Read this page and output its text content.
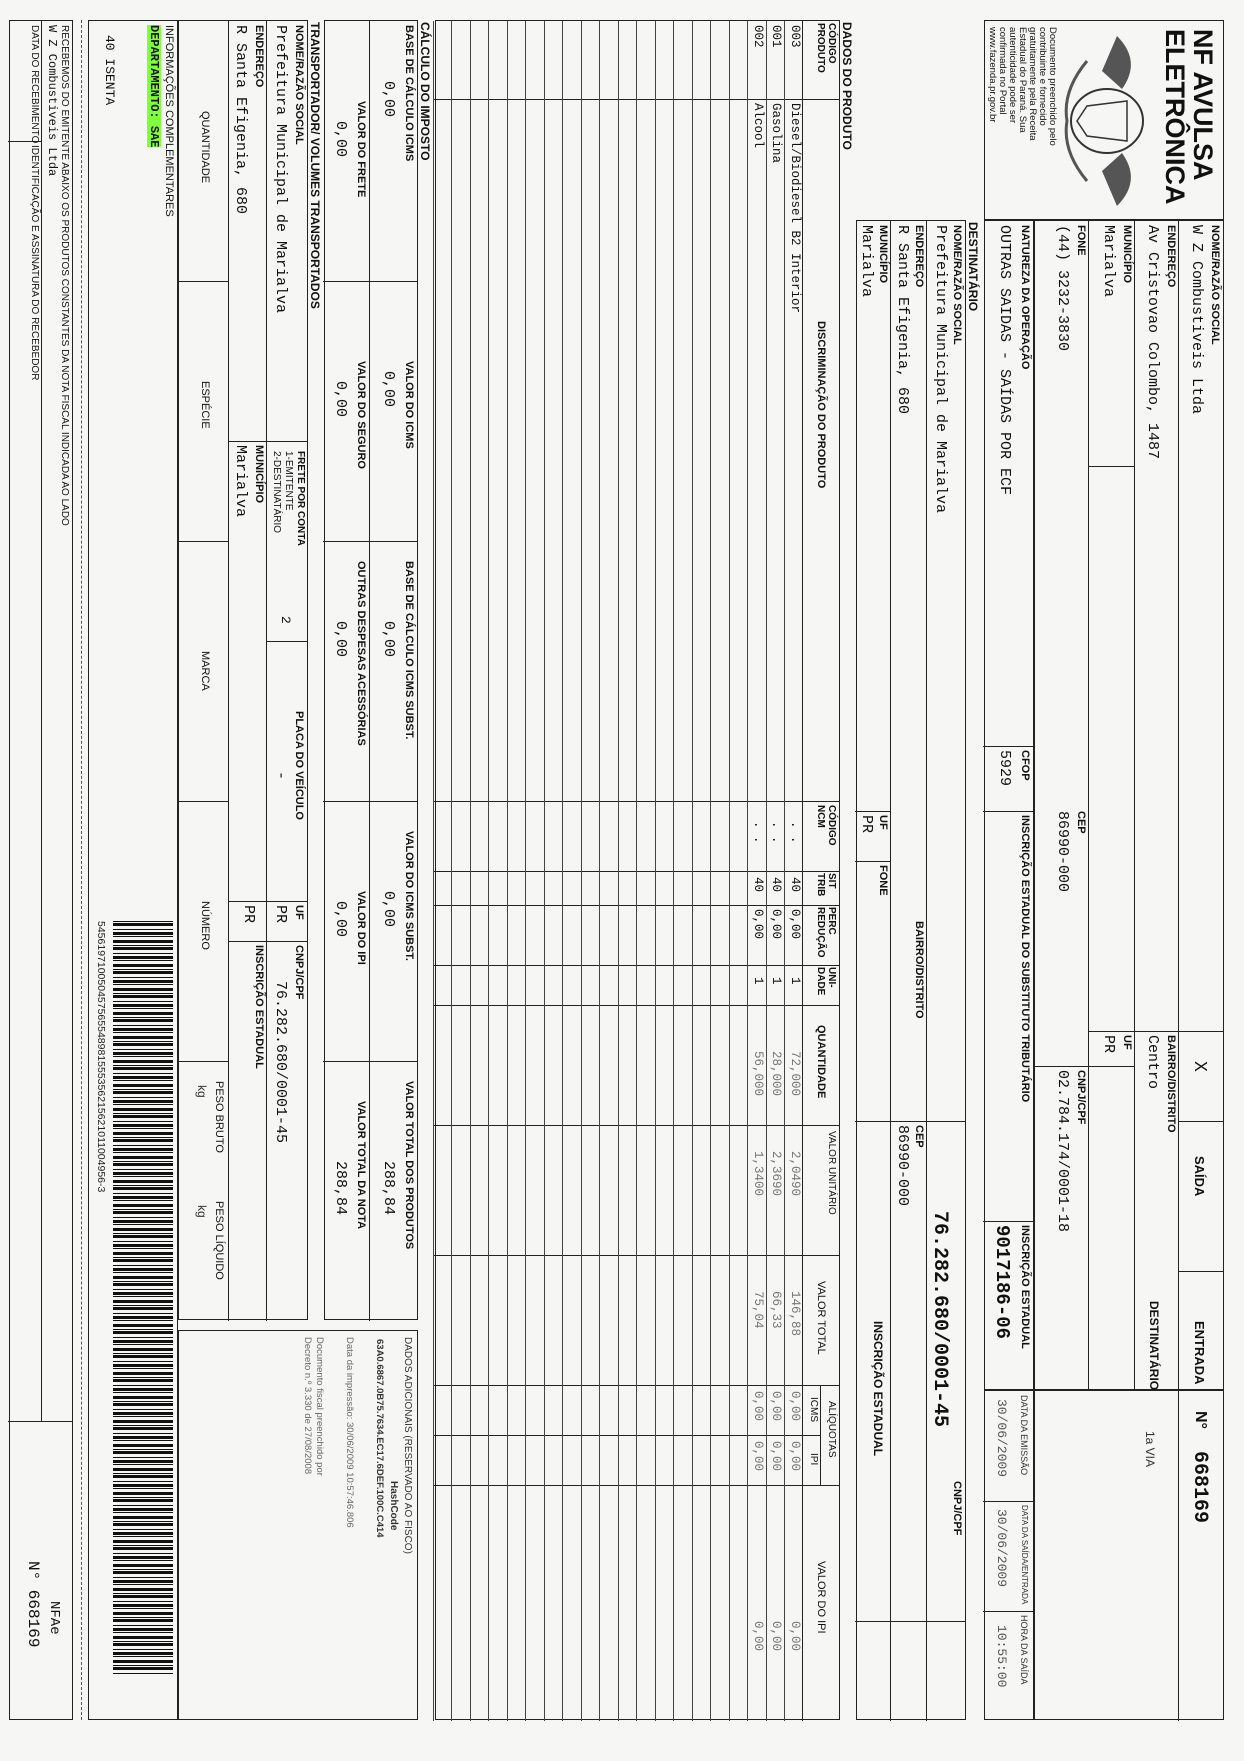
NF AVULSA
ELETRÔNICA
Documento preenchido pelo
contribuinte e fornecido
gratuitamente pela Receita
Estadual do Paraná. Sua
autenticidade pode ser
confirmada no Portal
www.fazenda.pr.gov.br
NOME/RAZÃO SOCIAL
W Z Combustiveis Ltda
X
SAÍDA
ENTRADA
ENDEREÇO
Av Cristovao Colombo, 1487
BAIRRO/DISTRITO
Centro
DESTINATÁRIO
MUNICÍPIO
Marialva
UF
PR
FONE
(44) 3232-3830
CEP
86990-000
CNPJ/CPF
02.784.174/0001-18
N°
668169
1a VIA
NATUREZA DA OPERAÇÃO
OUTRAS SAIDAS - SAÍDAS POR ECF
CFOP
5929
INSCRIÇÃO ESTADUAL DO SUBSTITUTO TRIBUTÁRIO
INSCRIÇÃO ESTADUAL
9017186-06
DATA DA EMISSÃO
30/06/2009
DATA DA SAÍDA/ENTRADA
30/06/2009
HORA DA SAÍDA
10:55:00
DESTINATÁRIO
NOME/RAZÃO SOCIAL
Prefeitura Municipal de Marialva
CNPJ/CPF
76.282.680/0001-45
ENDEREÇO
R Santa Efigenia, 680
BAIRRO/DISTRITO
CEP
86990-000
MUNICÍPIO
Marialva
UF
PR
FONE
INSCRIÇÃO ESTADUAL
DADOS DO PRODUTO
CÓDIGO PRODUTO
DISCRIMINAÇÃO DO PRODUTO
CÓDIGO NCM
SIT TRIB
PERC REDUÇÃO
UNI-DADE
QUANTIDADE
VALOR UNITÁRIO
VALOR TOTAL
ALÍQUOTAS
ICMS
IPI
VALOR DO IPI
003
Diesel/Biodiesel B2 Interior
. .
40
0,00
1
72,000
2,0490
146,88
0,00
0,00
0,00
001
Gasolina
. .
40
0,00
1
28,000
2,3690
66,33
0,00
0,00
0,00
002
Alcool
. .
40
0,00
1
56,000
1,3400
75,04
0,00
0,00
0,00
CÁLCULO DO IMPOSTO
BASE DE CÁLCULO ICMS
0,00
VALOR DO ICMS
0,00
BASE DE CÁLCULO ICMS SUBST.
0,00
VALOR DO ICMS SUBST.
0,00
VALOR TOTAL DOS PRODUTOS
288,84
VALOR DO FRETE
0,00
VALOR DO SEGURO
0,00
OUTRAS DESPESAS ACESSÓRIAS
0,00
VALOR DO IPI
0,00
VALOR TOTAL DA NOTA
288,84
DADOS ADICIONAIS (RESERVADO AO FISCO)
HashCode
63A0.6867.0B75.7634.EC17.6DEF.100C.C414
Data da impressão: 30/06/2009 10:57:46.806
Documento fiscal preenchido por
Decreto n.º 3.330 de 27/08/2008
TRANSPORTADOR/ VOLUMES TRANSPORTADOS
NOME/RAZÃO SOCIAL
Prefeitura Municipal de Marialva
FRETE POR CONTA
1-EMITENTE
2-DESTINATÁRIO
2
PLACA DO VEÍCULO
-
UF
PR
CNPJ/CPF
76.282.680/0001-45
ENDEREÇO
R Santa Efigenia, 680
MUNICÍPIO
Marialva
PR
INSCRIÇÃO ESTADUAL
QUANTIDADE
ESPÉCIE
MARCA
NÚMERO
PESO BRUTO
kg
PESO LÍQUIDO
kg
INFORMAÇÕES COMPLEMENTARES
DEPARTAMENTO: SAE
40 ISENTA
545619710050457565548981555356215621011004956-3
RECEBEMOS DO EMITENTE ABAIXO OS PRODUTOS CONSTANTES DA NOTA FISCAL INDICADA AO LADO
W Z Combustiveis Ltda
DATA DO RECEBIMENTO
IDENTIFICAÇÃO E ASSINATURA DO RECEBEDOR
NFAe
N° 668169
